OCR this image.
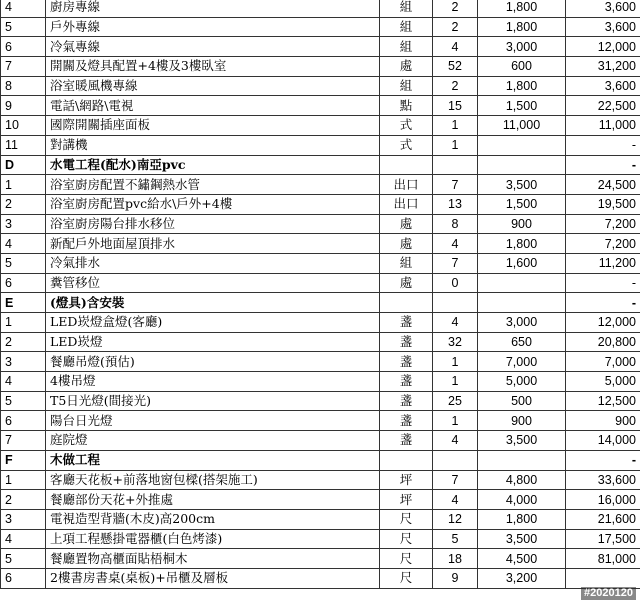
4	廚房專線	組	2	1,800	3,600
5	戶外專線	組	2	1,800	3,600
6	冷氣專線	組	4	3,000	12,000
7	開關及燈具配置+4樓及3樓臥室	處	52	600	31,200
8	浴室暖風機專線	組	2	1,800	3,600
9	電話\網路\電視	點	15	1,500	22,500
10	國際開關插座面板	式	1	11,000	11,000
11	對講機	式	1		-
D	水電工程(配水)南亞pvc				-
1	浴室廚房配置不鏽鋼熱水管	出口	7	3,500	24,500
2	浴室廚房配置pvc給水\戶外+4樓	出口	13	1,500	19,500
3	浴室廚房陽台排水移位	處	8	900	7,200
4	新配戶外地面屋頂排水	處	4	1,800	7,200
5	冷氣排水	組	7	1,600	11,200
6	糞管移位	處	0		-
E	(燈具)含安裝				-
1	LED崁燈盒燈(客廳)	盞	4	3,000	12,000
2	LED崁燈	盞	32	650	20,800
3	餐廳吊燈(預估)	盞	1	7,000	7,000
4	4樓吊燈	盞	1	5,000	5,000
5	T5日光燈(間接光)	盞	25	500	12,500
6	陽台日光燈	盞	1	900	900
7	庭院燈	盞	4	3,500	14,000
F	木做工程				-
1	客廳天花板+前落地窗包樑(搭架施工)	坪	7	4,800	33,600
2	餐廳部份天花+外推處	坪	4	4,000	16,000
3	電視造型背牆(木皮)高200cm	尺	12	1,800	21,600
4	上項工程懸掛電器櫃(白色烤漆)	尺	5	3,500	17,500
5	餐廳置物高櫃面貼梧桐木	尺	18	4,500	81,000
6	2樓書房書桌(桌板)+吊櫃及層板	尺	9	3,200	
#2020120
